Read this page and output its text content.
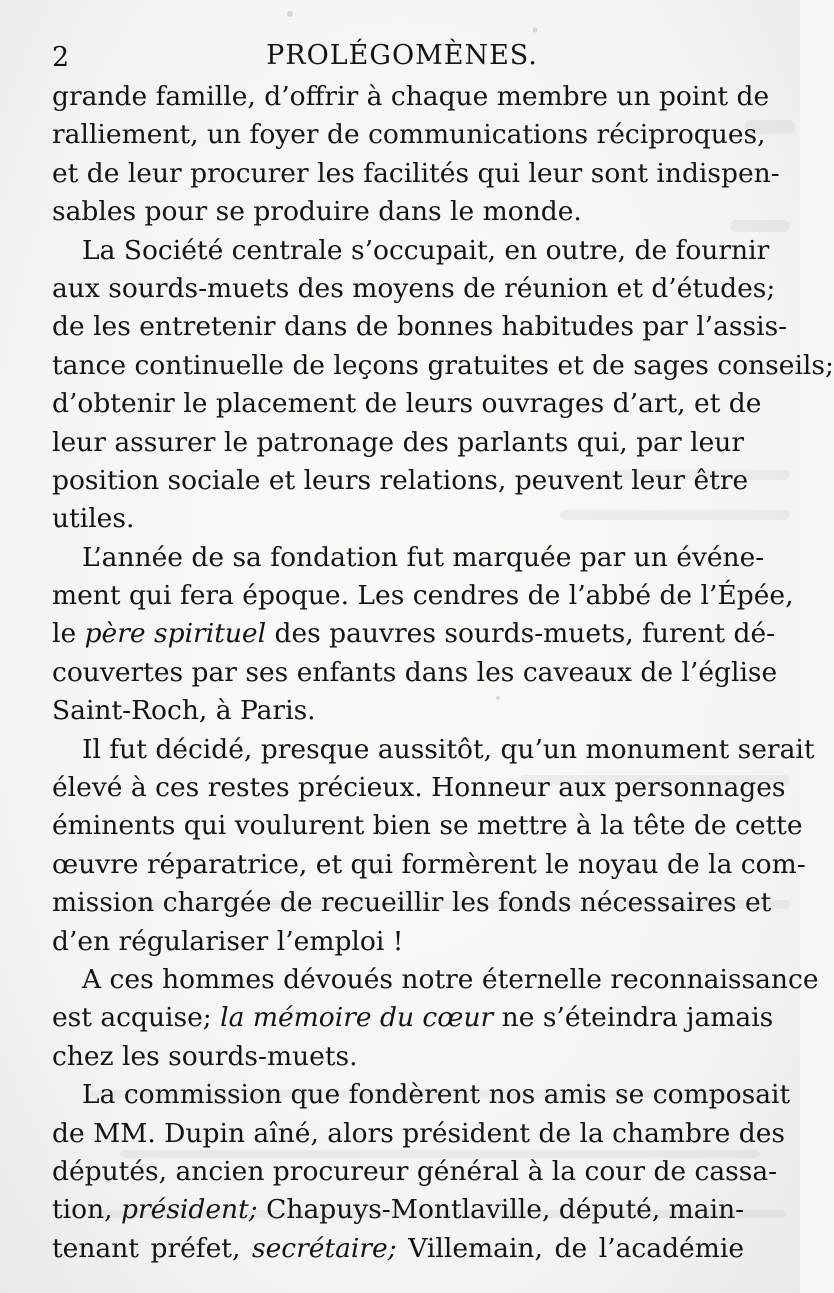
2	PROLÉGOMÈNES.
grande famille, d’offrir à chaque membre un point de
ralliement, un foyer de communications réciproques,
et de leur procurer les facilités qui leur sont indispen-
sables pour se produire dans le monde.
La Société centrale s’occupait, en outre, de fournir
aux sourds-muets des moyens de réunion et d’études;
de les entretenir dans de bonnes habitudes par l’assis-
tance continuelle de leçons gratuites et de sages conseils;
d’obtenir le placement de leurs ouvrages d’art, et de
leur assurer le patronage des parlants qui, par leur
position sociale et leurs relations, peuvent leur être
utiles.
L’année de sa fondation fut marquée par un événe-
ment qui fera époque. Les cendres de l’abbé de l’Épée,
le père spirituel des pauvres sourds-muets, furent dé-
couvertes par ses enfants dans les caveaux de l’église
Saint-Roch, à Paris.
Il fut décidé, presque aussitôt, qu’un monument serait
élevé à ces restes précieux. Honneur aux personnages
éminents qui voulurent bien se mettre à la tête de cette
œuvre réparatrice, et qui formèrent le noyau de la com-
mission chargée de recueillir les fonds nécessaires et
d’en régulariser l’emploi !
A ces hommes dévoués notre éternelle reconnaissance
est acquise; la mémoire du cœur ne s’éteindra jamais
chez les sourds-muets.
La commission que fondèrent nos amis se composait
de MM. Dupin aîné, alors président de la chambre des
députés, ancien procureur général à la cour de cassa-
tion, président; Chapuys-Montlaville, député, main-
tenant préfet, secrétaire; Villemain, de l’académie
